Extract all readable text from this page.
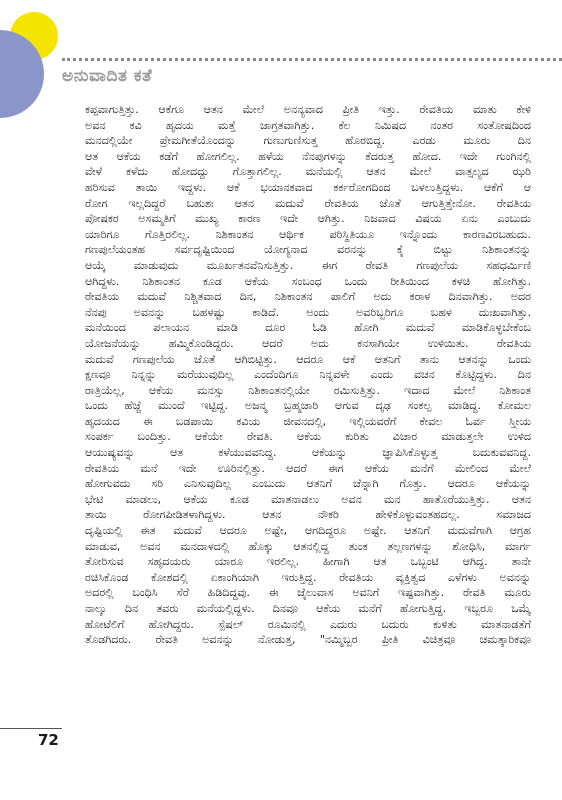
ಅನುವಾದಿತ ಕತೆ
ಕಪ್ಪವಾಗುತ್ತಿತ್ತು. ಆಕೆಗೂ ಆತನ ಮೇಲೆ ಅನನ್ಯವಾದ ಪ್ರೀತಿ ಇತ್ತು. ರೇವತಿಯ ಮಾತು ಕೇಳಿ
ಅವನ ಕವಿ ಹೃದಯ ಮತ್ತೆ ಜಾಗ್ರತವಾಗಿತ್ತು. ಕೆಲ ನಿಮಿಷದ ನಂತರ ಸಂತೋಷದಿಂದ
ಮನದಲ್ಲಿಯೇ ಪ್ರೇಮಗೀತೆಯೊಂದನ್ನು ಗುಣುಗುಣಿಸುತ್ತ ಹೊರಬಿದ್ದ. ಎರಡು ಮೂರು ದಿನ
ಆತ ಆಕೆಯ ಕಡೆಗೆ ಹೋಗಲಿಲ್ಲ. ಹಳೆಯ ನೆನಪುಗಳನ್ನು ಕೆದರುತ್ತ ಹೋದ. ಇದೇ ಗುಂಗಿನಲ್ಲಿ
ವೇಳೆ ಕಳೆದು ಹೋದದ್ದು ಗೊತ್ತಾಗಲಿಲ್ಲ. ಮನೆಯಲ್ಲಿ ಆತನ ಮೇಲೆ ವಾತ್ಸಲ್ಯದ ಝರಿ
ಹರಿಸುವ ತಾಯಿ ಇದ್ದಳು. ಆಕೆ ಭಯಾನಕವಾದ ಕರ್ಕರೋಗದಿಂದ ಬಳಲುತ್ತಿದ್ದಳು. ಆಕೆಗೆ ಆ
ರೋಗ ಇಲ್ಲದಿದ್ದರೆ ಬಹುಶಃ ಆತನ ಮದುವೆ ರೇವತಿಯ ಜೊತೆ ಆಗುತ್ತಿತ್ತೇನೋ. ರೇವತಿಯ
ಪೋಷಕರ ಅಸಮ್ಮತಿಗೆ ಮುಖ್ಯ ಕಾರಣ ಇದೇ ಆಗಿತ್ತು. ನಿಜವಾದ ವಿಷಯ ಏನು ಎಂಬುದು
ಯಾರಿಗೂ ಗೊತ್ತಿರಲಿಲ್ಲ. ನಿಶಿಕಾಂತನ ಆರ್ಥಿಕ ಪರಿಸ್ಥಿತಿಯೂ ಇನ್ನೊಂದು ಕಾರಣವಿರಬಹುದು.
ಗಣಪುಲೆಯಂತಹ ಸರ್ವದೃಷ್ಟಿಯಿಂದ ಯೋಗ್ಯನಾದ ವರನನ್ನು ಕೈ ಬಿಟ್ಟು ನಿಶಿಕಾಂತನನ್ನು
ಆಯ್ಕೆ ಮಾಡುವುದು ಮೂರ್ಖತನವೆನಿಸುತ್ತಿತ್ತು. ಈಗ ರೇವತಿ ಗಣಪುಲೆಯ ಸಹಧರ್ಮಿಣಿ
ಆಗಿದ್ದಳು. ನಿಶಿಕಾಂತನ ಕೂಡ ಆಕೆಯ ಸಂಬಂಧ ಒಂದು ರೀತಿಯಿಂದ ಕಳಚಿ ಹೋಗಿತ್ತು.
ರೇವತಿಯ ಮದುವೆ ನಿಶ್ಚಿತವಾದ ದಿನ, ನಿಶಿಕಾಂತನ ಪಾಲಿಗೆ ಅದು ಕರಾಳ ದಿನವಾಗಿತ್ತು. ಅದರ
ನೆನಪು ಅವನನ್ನು ಬಹಳಷ್ಟು ಕಾಡಿದೆ. ಅಂದು ಅವರಿಬ್ಬರಿಗೂ ಬಹಳ ದುಃಖವಾಗಿತ್ತು.
ಮನೆಯಿಂದ ಪಲಾಯನ ಮಾಡಿ ದೂರ ಓಡಿ ಹೋಗಿ ಮದುವೆ ಮಾಡಿಕೊಳ್ಳಬೇಕೆಂಬ
ಯೋಜನೆಯನ್ನು ಹಮ್ಮಿಕೊಂಡಿದ್ದರು. ಆದರೆ ಅದು ಕನಸಾಗಿಯೇ ಉಳಿಯಿತು. ರೇವತಿಯ
ಮದುವೆ ಗಣಪುಲೆಯ ಜೊತೆ ಆಗಿಬಿಟ್ಟಿತ್ತು. ಆದರೂ ಆಕೆ ಆತನಿಗೆ ತಾನು ಆತನನ್ನು ಒಂದು
ಕ್ಷಣವೂ ನಿನ್ನನ್ನು ಮರೆಯುವುದಿಲ್ಲ ಎಂದೆಂದಿಗೂ ನಿನ್ನವಳೇ ಎಂದು ವಚನ ಕೊಟ್ಟಿದ್ದಳು. ದಿನ
ರಾತ್ರಿಯೆಲ್ಲ, ಆಕೆಯ ಮನಸ್ಸು ನಿಶಿಕಾಂತನಲ್ಲಿಯೇ ರಮಿಸುತ್ತಿತ್ತು. ಇದಾದ ಮೇಲೆ ನಿಶಿಕಾಂತ
ಒಂದು ಹೆಜ್ಜೆ ಮುಂದೆ ಇಟ್ಟಿದ್ದ. ಅಜನ್ಮ ಬ್ರಹ್ಮಚಾರಿ ಆಗುವ ದೃಢ ಸಂಕಲ್ಪ ಮಾಡಿದ್ದ. ಕೋಮಲ
ಹೃದಯದ ಈ ಬಡಪಾಯಿ ಕವಿಯ ಜೀವನದಲ್ಲಿ, ಇಲ್ಲಿಯವರೆಗೆ ಕೇವಲ ಓರ್ವ ಸ್ತ್ರೀಯ
ಸಂಪರ್ಕ ಬಂದಿತ್ತು. ಆಕೆಯೇ ರೇವತಿ. ಆಕೆಯ ಕುರಿತು ವಿಚಾರ ಮಾಡುತ್ತಲೇ ಉಳಿದ
ಆಯುಷ್ಯವನ್ನು ಆತ ಕಳೆಯುವವನಿದ್ದ. ಆಕೆಯನ್ನು ಜ್ಞಾಪಿಸಿಕೊಳ್ಳುತ್ತ ಬದುಕುವವನಿದ್ದ.
ರೇವತಿಯ ಮನೆ ಇದೇ ಊರಿನಲ್ಲಿತ್ತು. ಆದರೆ ಈಗ ಆಕೆಯ ಮನೆಗೆ ಮೇಲಿಂದ ಮೇಲೆ
ಹೋಗುವದು ಸರಿ ಎನಿಸುವುದಿಲ್ಲ ಎಂಬುದು ಆತನಿಗೆ ಚೆನ್ನಾಗಿ ಗೊತ್ತು. ಆದರೂ ಆಕೆಯನ್ನು
ಭೇಟಿ ಮಾಡಲು, ಆಕೆಯ ಕೂಡ ಮಾತನಾಡಲು ಅವನ ಮನ ಹಾತೊರೆಯುತ್ತಿತ್ತು. ಆತನ
ತಾಯಿ ರೋಗಪೀಡಿತಳಾಗಿದ್ದಳು. ಆತನ ನೌಕರಿ ಹೇಳಿಕೊಳ್ಳುವಂತಹದಲ್ಲ. ಸಮಾಜದ
ದೃಷ್ಟಿಯಲ್ಲಿ ಈತ ಮದುವೆ ಆದರೂ ಅಷ್ಟೇ, ಆಗದಿದ್ದರೂ ಅಷ್ಟೇ. ಆತನಿಗೆ ಮದುವೆಗಾಗಿ ಆಗ್ರಹ
ಮಾಡುವ, ಅವನ ಮನದಾಳದಲ್ಲಿ ಹೊಕ್ಕು ಆತನಲ್ಲಿದ್ದ ತುಂಕ ತಲ್ಲಣಗಳನ್ನು ಶೋಧಿಸಿ, ಮಾರ್ಗ
ತೋರಿಸುವ ಸಹೃದಯರು ಯಾರೂ ಇರಲಿಲ್ಲ. ಹೀಗಾಗಿ ಆತ ಒಬ್ಬಂಟಿ ಆಗಿದ್ದ. ತಾನೇ
ರಚಿಸಿಕೊಂಡ ಕೋಶದಲ್ಲಿ ಏಕಾಂಗಿಯಾಗಿ ಇರುತ್ತಿದ್ದ. ರೇವತಿಯ ವ್ಯಕ್ತಿತ್ವದ ಎಳೆಗಳು ಅವನನ್ನು
ಅದರಲ್ಲಿ ಬಂಧಿಸಿ ಸೆರೆ ಹಿಡಿದಿದ್ದವು. ಈ ಜೈಲುವಾಸ ಅವನಿಗೆ ಇಷ್ಟವಾಗಿತ್ತು. ರೇವತಿ ಮೂರು
ನಾಲ್ಕು ದಿನ ತವರು ಮನೆಯಲ್ಲಿದ್ದಳು. ದಿನವೂ ಆಕೆಯ ಮನೆಗೆ ಹೋಗುತ್ತಿದ್ದ. ಇಬ್ಬರೂ ಒಮ್ಮೆ
ಹೋಟೆಲಿಗೆ ಹೋಗಿದ್ದರು. ಸ್ಪೆಷಲ್ ರೂಮಿನಲ್ಲಿ ಎದುರು ಬದುರು ಕುಳಿತು ಮಾತನಾಡತೆಗೆ
ತೊಡಗಿದರು. ರೇವತಿ ಅವನನ್ನು ನೋಡುತ್ತ, "ನಮ್ಮಿಬ್ಬರ ಪ್ರೀತಿ ವಿಚಿತ್ರವೂ ಚಮತ್ಕಾರಿಕವೂ
72
